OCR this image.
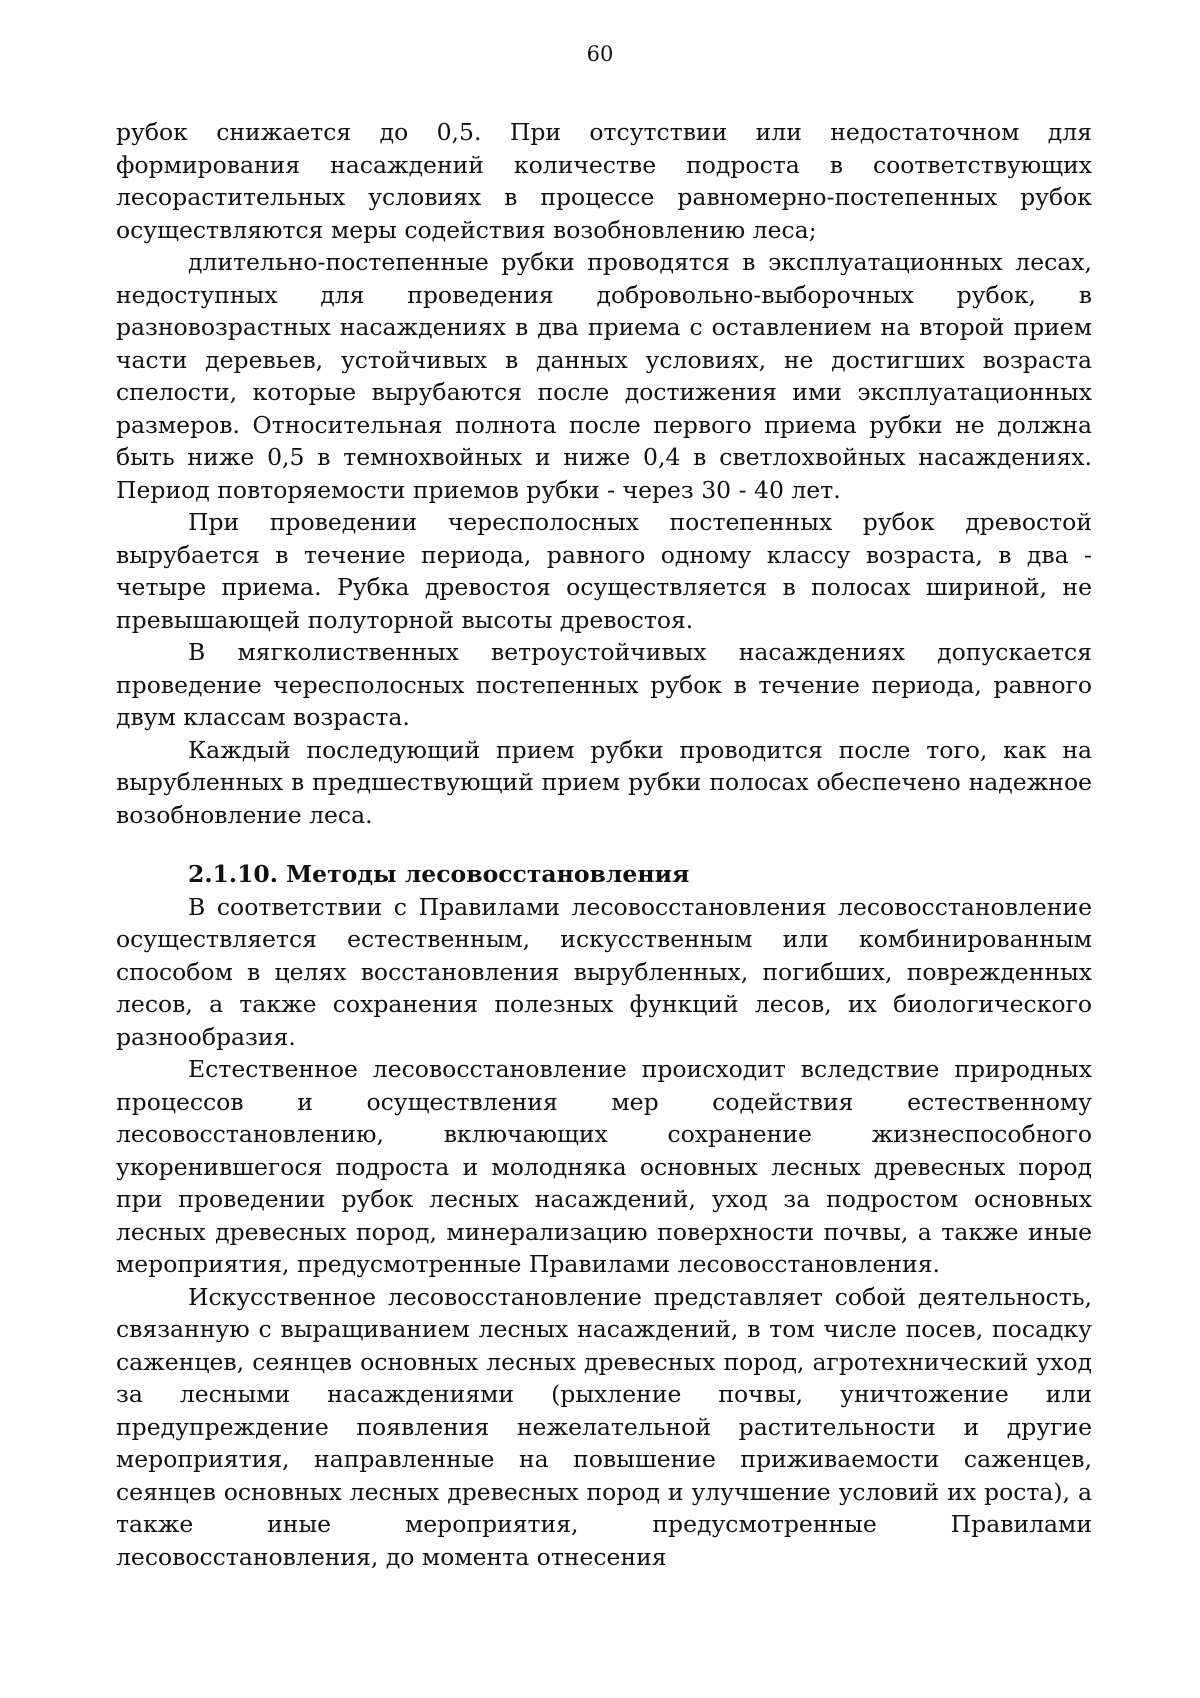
60

рубок снижается до 0,5. При отсутствии или недостаточном для формирования насаждений количестве подроста в соответствующих лесорастительных условиях в процессе равномерно-постепенных рубок осуществляются меры содействия возобновлению леса;

длительно-постепенные рубки проводятся в эксплуатационных лесах, недоступных для проведения добровольно-выборочных рубок, в разновозрастных насаждениях в два приема с оставлением на второй прием части деревьев, устойчивых в данных условиях, не достигших возраста спелости, которые вырубаются после достижения ими эксплуатационных размеров. Относительная полнота после первого приема рубки не должна быть ниже 0,5 в темнохвойных и ниже 0,4 в светлохвойных насаждениях. Период повторяемости приемов рубки - через 30 - 40 лет.

При проведении чересполосных постепенных рубок древостой вырубается в течение периода, равного одному классу возраста, в два - четыре приема. Рубка древостоя осуществляется в полосах шириной, не превышающей полуторной высоты древостоя.

В мягколиственных ветроустойчивых насаждениях допускается проведение чересполосных постепенных рубок в течение периода, равного двум классам возраста.

Каждый последующий прием рубки проводится после того, как на вырубленных в предшествующий прием рубки полосах обеспечено надежное возобновление леса.

2.1.10. Методы лесовосстановления

В соответствии с Правилами лесовосстановления лесовосстановление осуществляется естественным, искусственным или комбинированным способом в целях восстановления вырубленных, погибших, поврежденных лесов, а также сохранения полезных функций лесов, их биологического разнообразия.

Естественное лесовосстановление происходит вследствие природных процессов и осуществления мер содействия естественному лесовосстановлению, включающих сохранение жизнеспособного укоренившегося подроста и молодняка основных лесных древесных пород при проведении рубок лесных насаждений, уход за подростом основных лесных древесных пород, минерализацию поверхности почвы, а также иные мероприятия, предусмотренные Правилами лесовосстановления.

Искусственное лесовосстановление представляет собой деятельность, связанную с выращиванием лесных насаждений, в том числе посев, посадку саженцев, сеянцев основных лесных древесных пород, агротехнический уход за лесными насаждениями (рыхление почвы, уничтожение или предупреждение появления нежелательной растительности и другие мероприятия, направленные на повышение приживаемости саженцев, сеянцев основных лесных древесных пород и улучшение условий их роста), а также иные мероприятия, предусмотренные Правилами лесовосстановления, до момента отнесения
